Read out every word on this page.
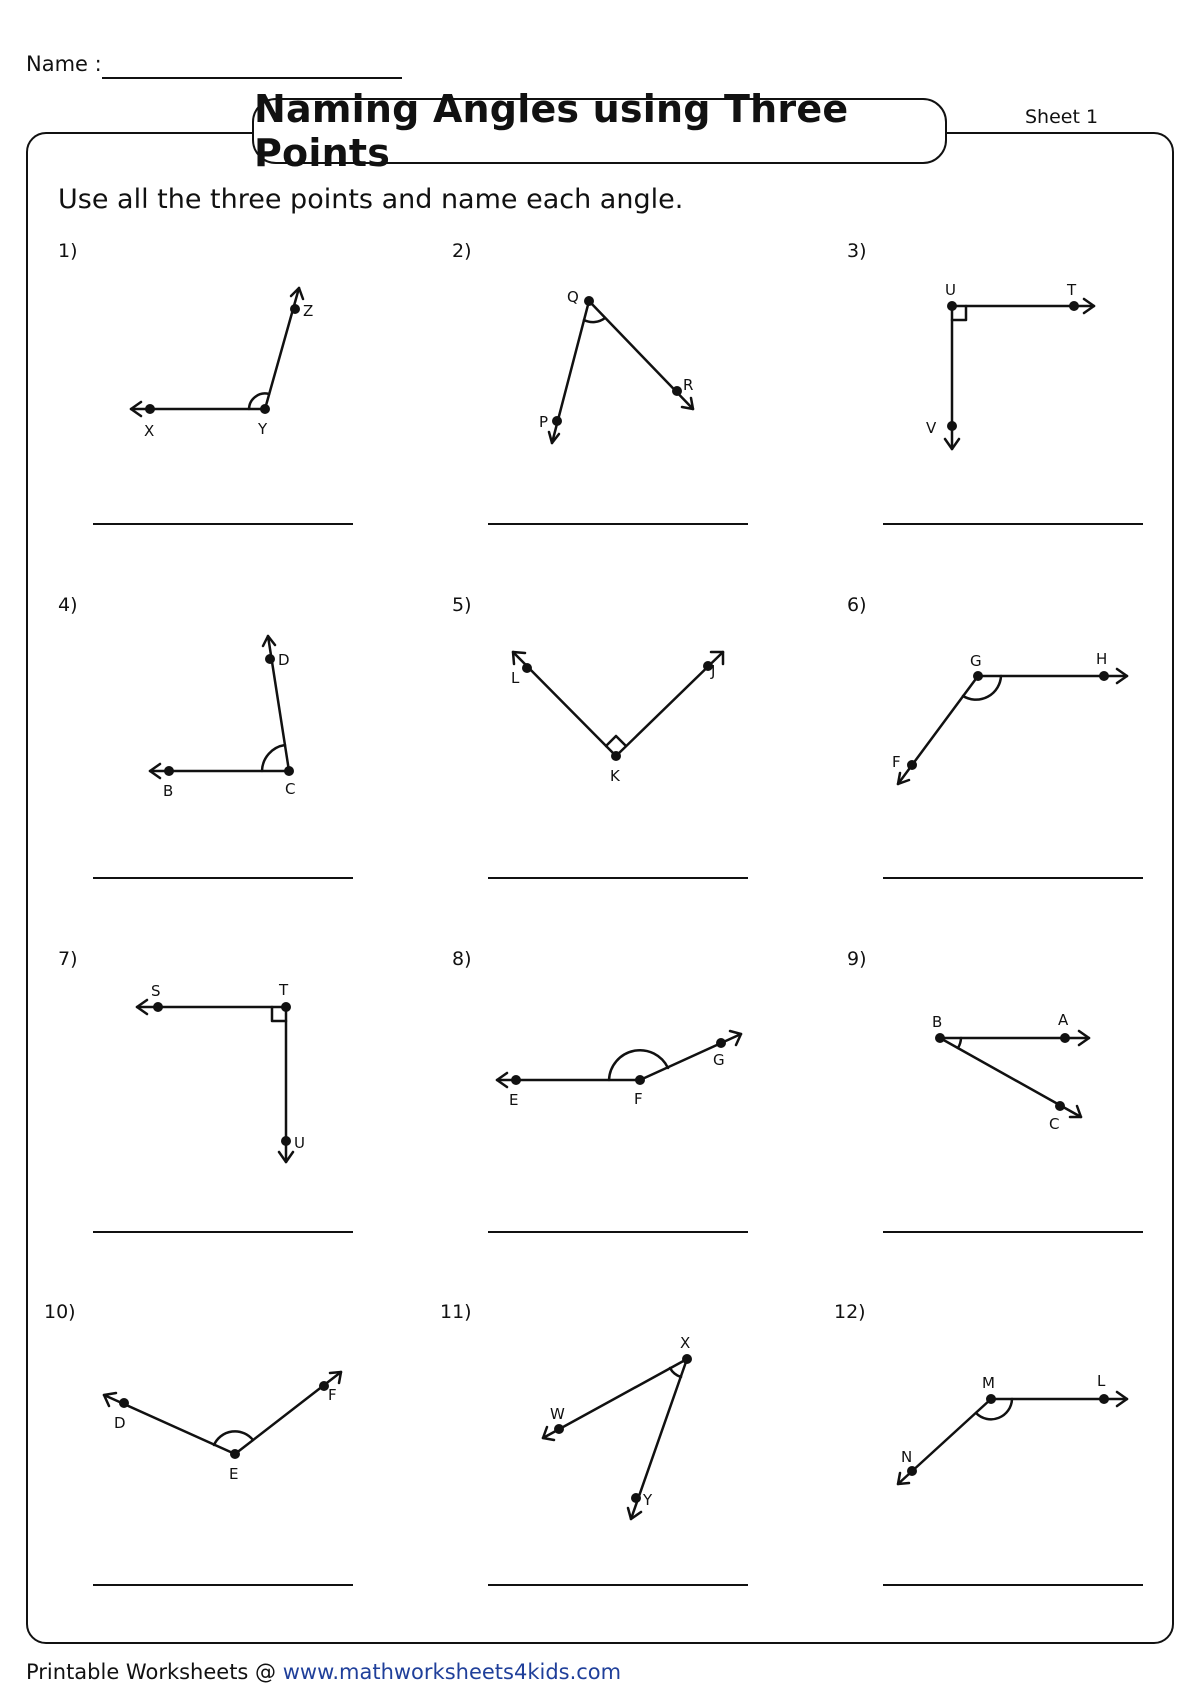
Name :
Naming Angles using Three Points
Sheet 1
Use all the three points and name each angle.
1)	2)	3)
4)	5)	6)
7)	8)	9)
10)	11)	12)
X	Y
Z
Q
P
R
U	T
V
D
B	C
L	J
K
G	H
F
S	T
U
G
E	F
B	A
C
F
D
E
X
W
Y
M	L
N
Printable Worksheets @ www.mathworksheets4kids.com
